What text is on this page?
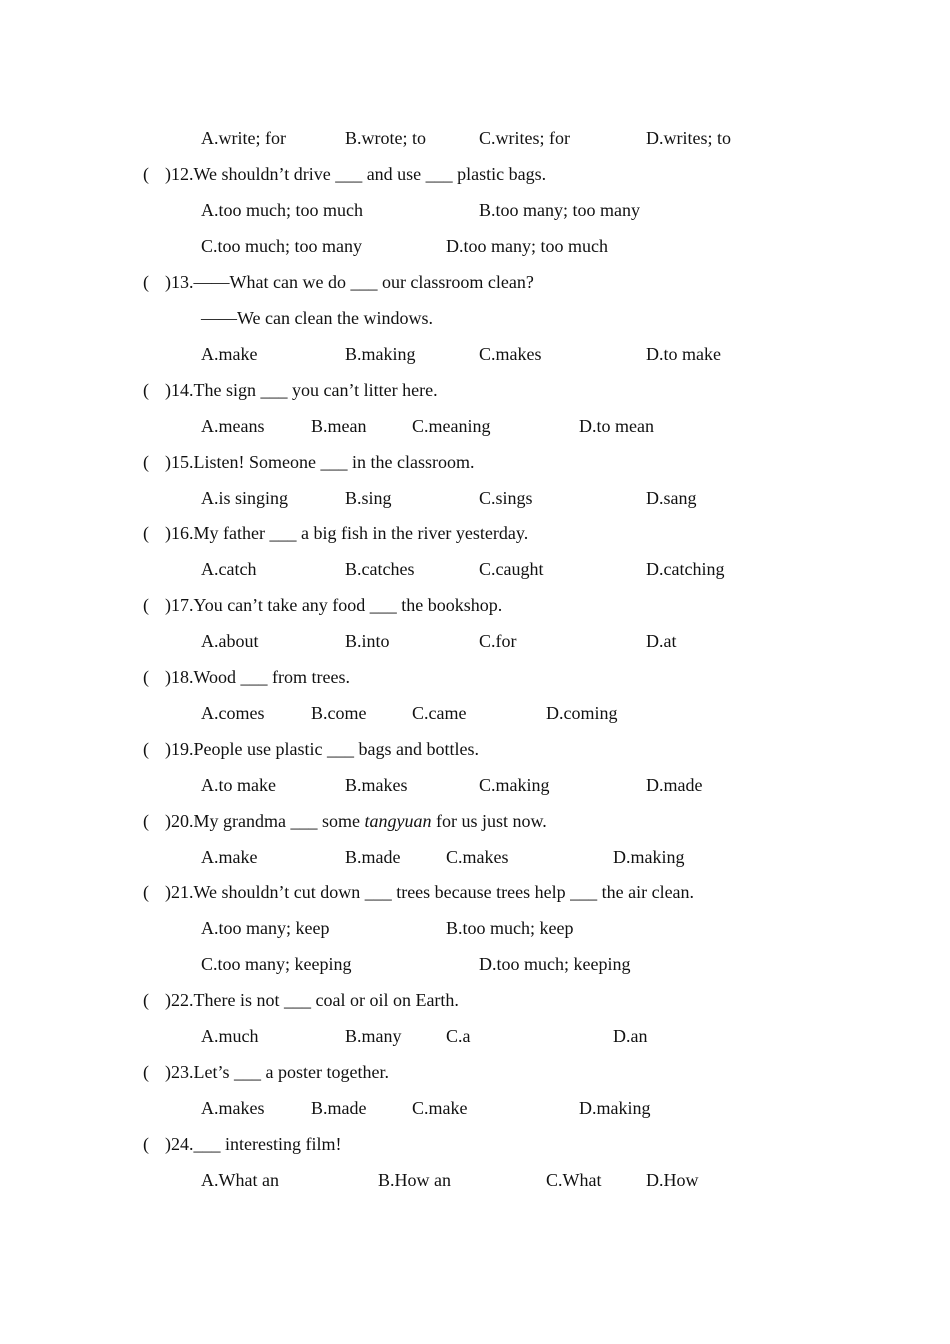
A.write; for	B.wrote; to	C.writes; for	D.writes; to
( )12.We shouldn’t drive ___ and use ___ plastic bags.
A.too much; too much	B.too many; too many
C.too much; too many	D.too many; too much
( )13.——What can we do ___ our classroom clean?
——We can clean the windows.
A.make	B.making	C.makes	D.to make
( )14.The sign ___ you can’t litter here.
A.means	B.mean	C.meaning	D.to mean
( )15.Listen! Someone ___ in the classroom.
A.is singing	B.sing	C.sings	D.sang
( )16.My father ___ a big fish in the river yesterday.
A.catch	B.catches	C.caught	D.catching
( )17.You can’t take any food ___ the bookshop.
A.about	B.into	C.for	D.at
( )18.Wood ___ from trees.
A.comes	B.come	C.came	D.coming
( )19.People use plastic ___ bags and bottles.
A.to make	B.makes	C.making	D.made
( )20.My grandma ___ some tangyuan for us just now.
A.make	B.made	C.makes	D.making
( )21.We shouldn’t cut down ___ trees because trees help ___ the air clean.
A.too many; keep	B.too much; keep
C.too many; keeping	D.too much; keeping
( )22.There is not ___ coal or oil on Earth.
A.much	B.many C.a	D.an
( )23.Let’s ___ a poster together.
A.makes	B.made	C.make	D.making
( )24.___ interesting film!
A.What an	B.How an	C.What D.How
